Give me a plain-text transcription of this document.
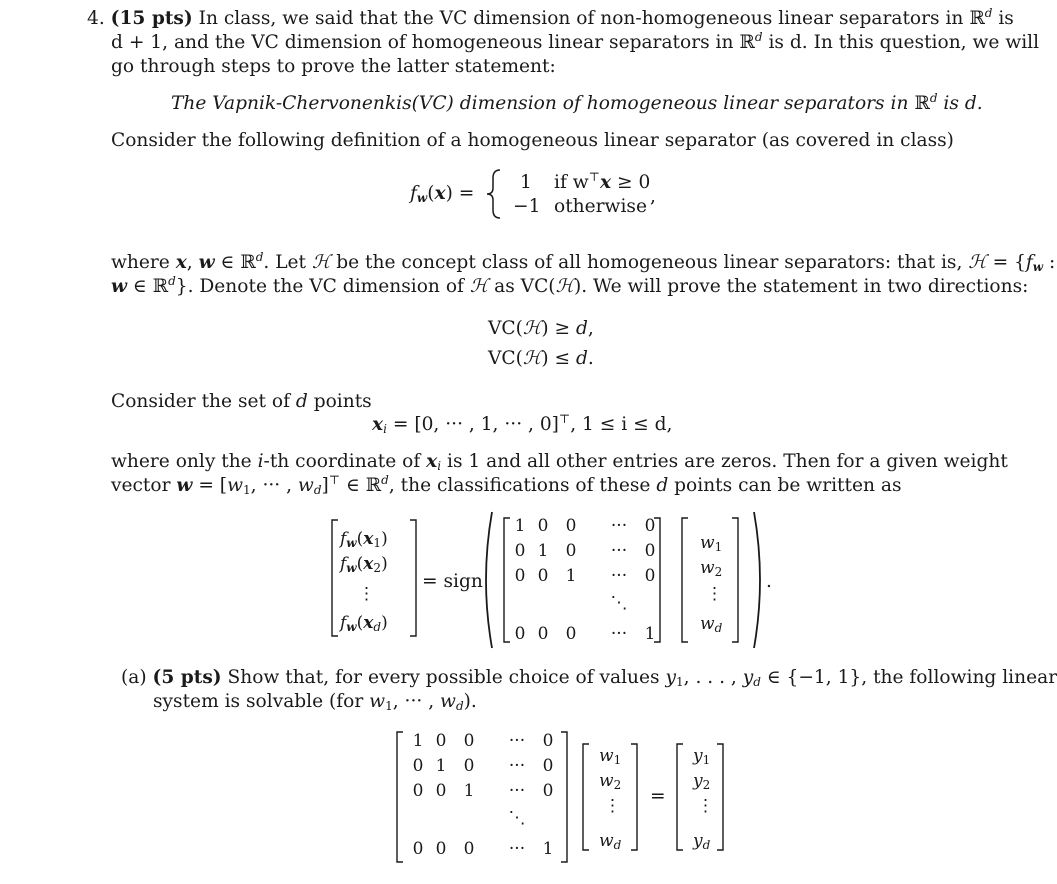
4. (15 pts) In class, we said that the VC dimension of non-homogeneous linear separators in ℝ$^d$ is
d + 1, and the VC dimension of homogeneous linear separators in ℝ$^d$ is d. In this question, we will
go through steps to prove the latter statement:
The Vapnik-Chervonenkis(VC) dimension of homogeneous linear separators in ℝ$^d$ is d.
Consider the following definition of a homogeneous linear separator (as covered in class)
$f_w(x)$ =
1 if w⊤x ≥ 0
−1 otherwise ,
where x, w ∈ ℝ$^d$. Let ℋ be the concept class of all homogeneous linear separators: that is, ℋ = {$f_w$ :
w ∈ ℝ$^d$}. Denote the VC dimension of ℋ as VC(ℋ). We will prove the statement in two directions:
VC(ℋ) ≥ d,
VC(ℋ) ≤ d.
Consider the set of d points
$x_i = [0$, ··· , 1, ··· , 0]⊤, 1 ≤ i ≤ d,
where only the i-th coordinate of $x_i$ is 1 and all other entries are zeros. Then for a given weight
vector $w = [w_1$, ··· , $w_d]^⊤$ ∈ ℝ$^d$, the classifications of these d points can be written as
$f_w(x_1)$
$f_w(x_2)$
⋮
$f_w(x_d)$
= sign
1 0	0	···	0
0 1	0	···	0
0 0	1	···	0
⋱
0 0	0	···	1
$w_1$
$w_2$
⋮
$w_d$
.
(a) (5 pts) Show that, for every possible choice of values $y_1$, . . . , $y_d$ ∈ {−1, 1}, the following linear
system is solvable (for $w_1$, ··· , $w_d$).
1 0	0	···	0
0 1	0	···	0
0 0	1	···	0
⋱
0 0	0	···	1
$w_1$
$w_2$
⋮
$w_d$
=
$y_1$
$y_2$
⋮
$y_d$
